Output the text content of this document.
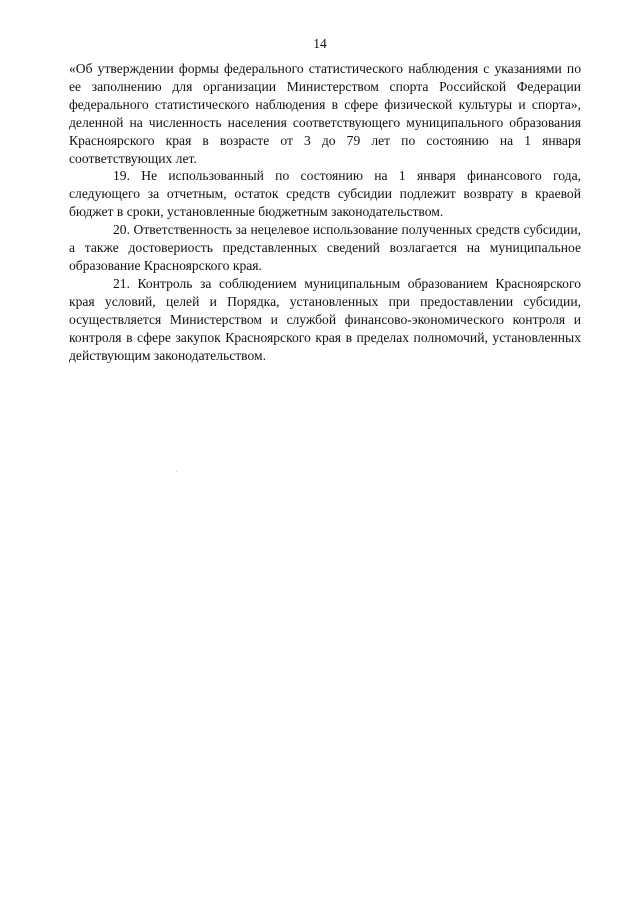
14

«Об утверждении формы федерального статистического наблюдения с указаниями по ее заполнению для организации Министерством спорта Российской Федерации федерального статистического наблюдения в сфере физической культуры и спорта», деленной на численность населения соответствующего муниципального образования Красноярского края в возрасте от 3 до 79 лет по состоянию на 1 января соответствующих лет.

19. Не использованный по состоянию на 1 января финансового года, следующего за отчетным, остаток средств субсидии подлежит возврату в краевой бюджет в сроки, установленные бюджетным законодательством.

20. Ответственность за нецелевое использование полученных средств субсидии, а также достовериость представленных сведений возлагается на муниципальное образование Красноярского края.

21. Контроль за соблюдением муниципальным образованием Красноярского края условий, целей и Порядка, установленных при предоставлении субсидии, осуществляется Министерством и службой финансово-экономического контроля и контроля в сфере закупок Красноярского края в пределах полномочий, установленных действующим законодательством.
